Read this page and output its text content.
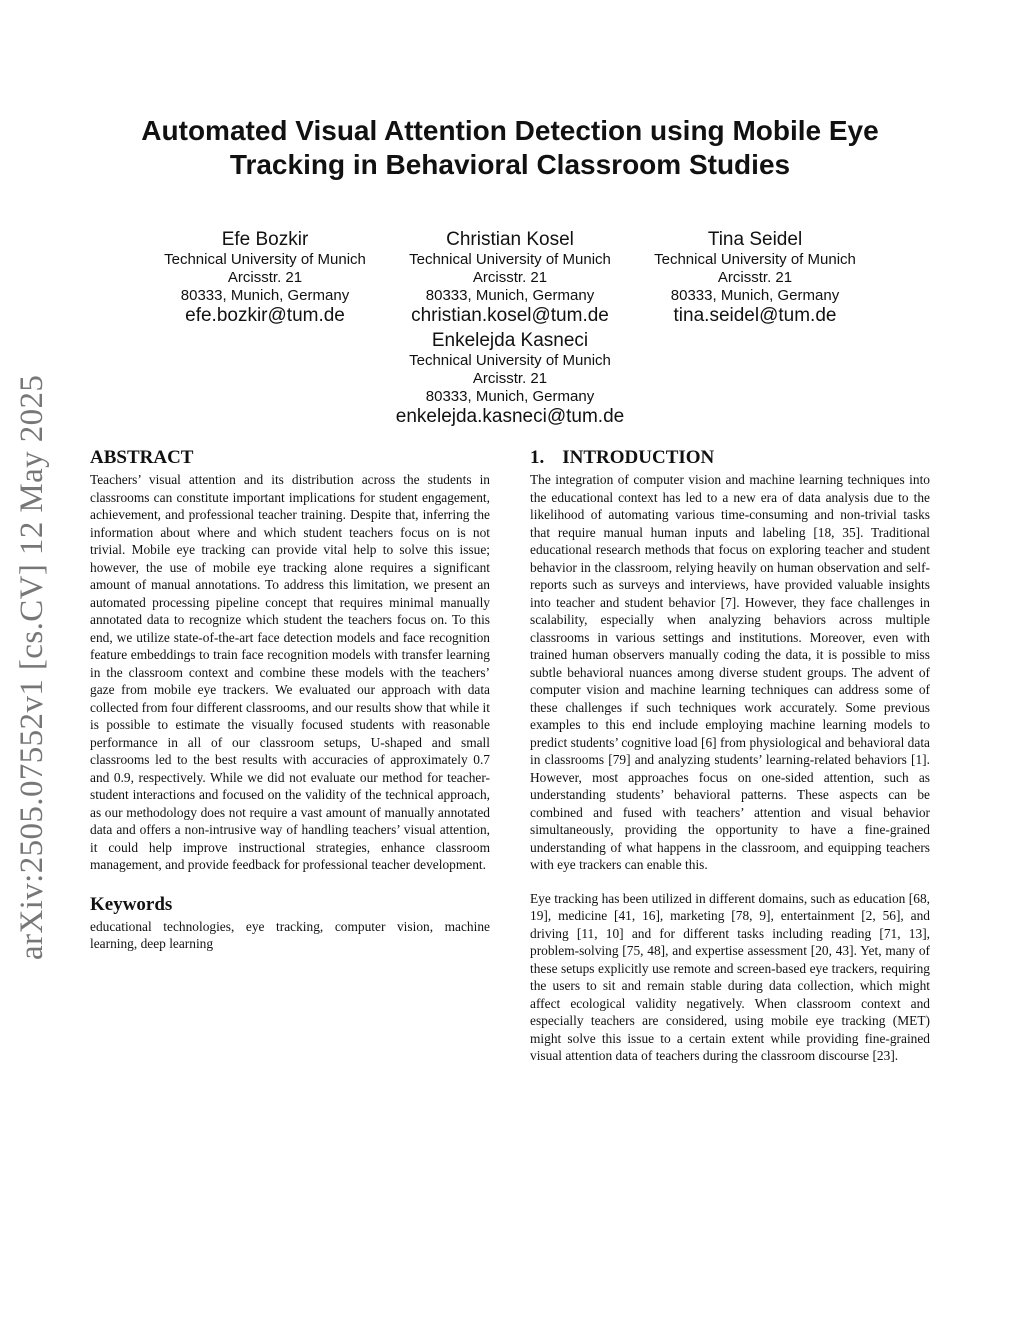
arXiv:2505.07552v1 [cs.CV] 12 May 2025
Automated Visual Attention Detection using Mobile Eye
Tracking in Behavioral Classroom Studies
Efe Bozkir
Technical University of Munich
Arcisstr. 21
80333, Munich, Germany
efe.bozkir@tum.de
Christian Kosel
Technical University of Munich
Arcisstr. 21
80333, Munich, Germany
christian.kosel@tum.de
Tina Seidel
Technical University of Munich
Arcisstr. 21
80333, Munich, Germany
tina.seidel@tum.de
Enkelejda Kasneci
Technical University of Munich
Arcisstr. 21
80333, Munich, Germany
enkelejda.kasneci@tum.de
ABSTRACT

Teachers’ visual attention and its distribution across the students in classrooms can constitute important implications for student engagement, achievement, and professional teacher training. Despite that, inferring the information about where and which student teachers focus on is not trivial. Mobile eye tracking can provide vital help to solve this issue; however, the use of mobile eye tracking alone requires a significant amount of manual annotations. To address this limitation, we present an automated processing pipeline concept that requires minimal manually annotated data to recognize which student the teachers focus on. To this end, we utilize state-of-the-art face detection models and face recognition feature embeddings to train face recognition models with transfer learning in the classroom context and combine these models with the teachers’ gaze from mobile eye trackers. We evaluated our approach with data collected from four different classrooms, and our results show that while it is possible to estimate the visually focused students with reasonable performance in all of our classroom setups, U-shaped and small classrooms led to the best results with accuracies of approximately 0.7 and 0.9, respectively. While we did not evaluate our method for teacher-student interactions and focused on the validity of the technical approach, as our methodology does not require a vast amount of manually annotated data and offers a non-intrusive way of handling teachers’ visual attention, it could help improve instructional strategies, enhance classroom management, and provide feedback for professional teacher development.

Keywords

educational technologies, eye tracking, computer vision, machine learning, deep learning

1. INTRODUCTION

The integration of computer vision and machine learning techniques into the educational context has led to a new era of data analysis due to the likelihood of automating various time-consuming and non-trivial tasks that require manual human inputs and labeling [18, 35]. Traditional educational research methods that focus on exploring teacher and student behavior in the classroom, relying heavily on human observation and self-reports such as surveys and interviews, have provided valuable insights into teacher and student behavior [7]. However, they face challenges in scalability, especially when analyzing behaviors across multiple classrooms in various settings and institutions. Moreover, even with trained human observers manually coding the data, it is possible to miss subtle behavioral nuances among diverse student groups. The advent of computer vision and machine learning techniques can address some of these challenges if such techniques work accurately. Some previous examples to this end include employing machine learning models to predict students’ cognitive load [6] from physiological and behavioral data in classrooms [79] and analyzing students’ learning-related behaviors [1]. However, most approaches focus on one-sided attention, such as understanding students’ behavioral patterns. These aspects can be combined and fused with teachers’ attention and visual behavior simultaneously, providing the opportunity to have a fine-grained understanding of what happens in the classroom, and equipping teachers with eye trackers can enable this.

Eye tracking has been utilized in different domains, such as education [68, 19], medicine [41, 16], marketing [78, 9], entertainment [2, 56], and driving [11, 10] and for different tasks including reading [71, 13], problem-solving [75, 48], and expertise assessment [20, 43]. Yet, many of these setups explicitly use remote and screen-based eye trackers, requiring the users to sit and remain stable during data collection, which might affect ecological validity negatively. When classroom context and especially teachers are considered, using mobile eye tracking (MET) might solve this issue to a certain extent while providing fine-grained visual attention data of teachers during the classroom discourse [23].
